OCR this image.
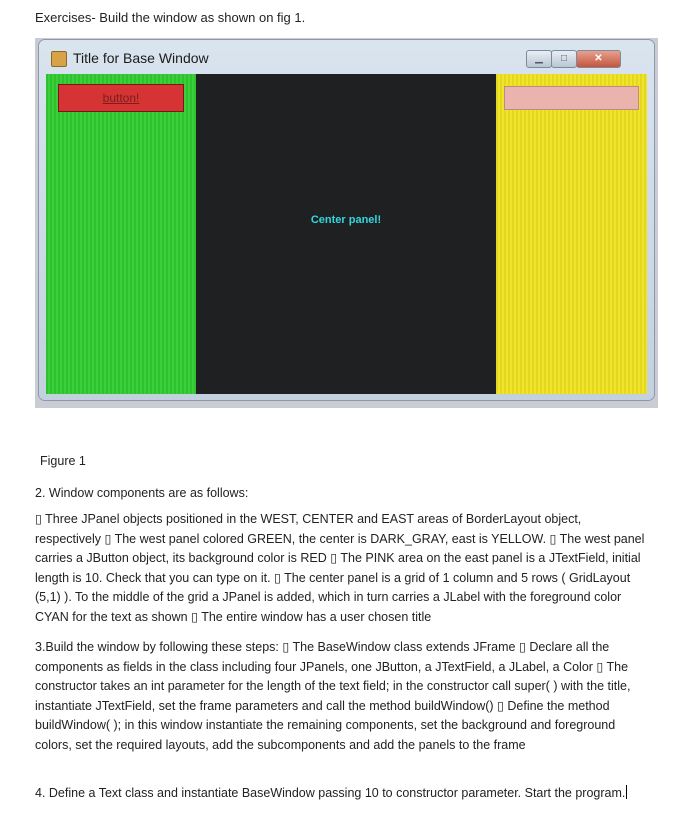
Exercises- Build the window as shown on fig 1.
Title for Base Window	▁	□	✕
button!
Center panel!
Figure 1

2. Window components are as follows:

▯ Three JPanel objects positioned in the WEST, CENTER and EAST areas of BorderLayout object, respectively ▯ The west panel colored GREEN, the center is DARK_GRAY, east is YELLOW. ▯ The west panel carries a JButton object, its background color is RED ▯ The PINK area on the east panel is a JTextField, initial length is 10. Check that you can type on it. ▯ The center panel is a grid of 1 column and 5 rows ( GridLayout (5,1) ). To the middle of the grid a JPanel is added, which in turn carries a JLabel with the foreground color CYAN for the text as shown ▯ The entire window has a user chosen title

3.Build the window by following these steps: ▯ The BaseWindow class extends JFrame ▯ Declare all the components as fields in the class including four JPanels, one JButton, a JTextField, a JLabel, a Color ▯ The constructor takes an int parameter for the length of the text field; in the constructor call super( ) with the title, instantiate JTextField, set the frame parameters and call the method buildWindow() ▯ Define the method buildWindow( ); in this window instantiate the remaining components, set the background and foreground colors, set the required layouts, add the subcomponents and add the panels to the frame

4. Define a Text class and instantiate BaseWindow passing 10 to constructor parameter. Start the program.
